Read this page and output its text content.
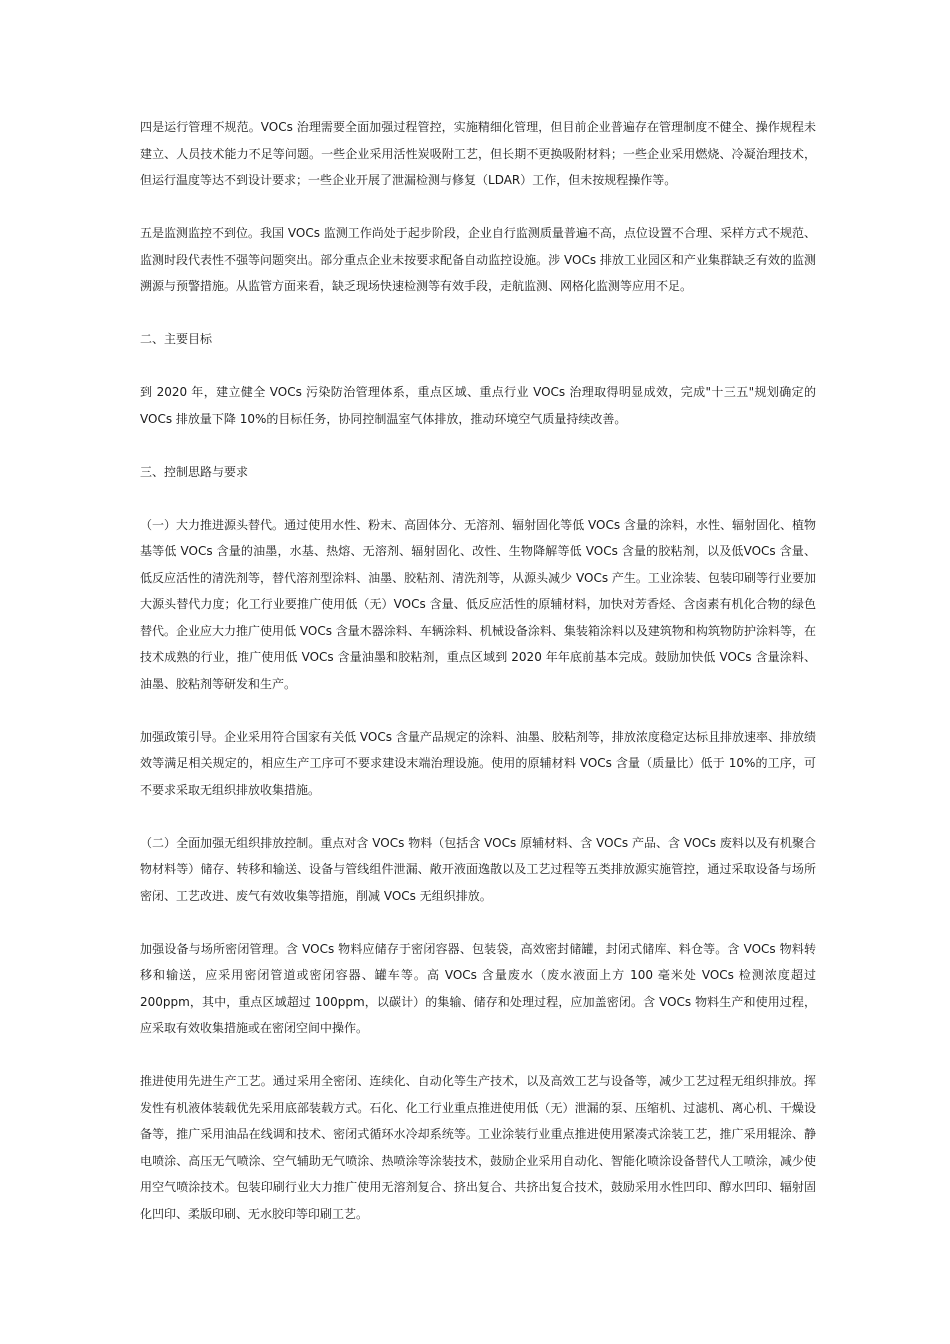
四是运行管理不规范。VOCs 治理需要全面加强过程管控，实施精细化管理，但目前企业普遍存在管理制度不健全、操作规程未建立、人员技术能力不足等问题。一些企业采用活性炭吸附工艺，但长期不更换吸附材料；一些企业采用燃烧、冷凝治理技术，但运行温度等达不到设计要求；一些企业开展了泄漏检测与修复（LDAR）工作，但未按规程操作等。

五是监测监控不到位。我国 VOCs 监测工作尚处于起步阶段，企业自行监测质量普遍不高，点位设置不合理、采样方式不规范、监测时段代表性不强等问题突出。部分重点企业未按要求配备自动监控设施。涉 VOCs 排放工业园区和产业集群缺乏有效的监测溯源与预警措施。从监管方面来看，缺乏现场快速检测等有效手段，走航监测、网格化监测等应用不足。

二、主要目标

到 2020 年，建立健全 VOCs 污染防治管理体系，重点区域、重点行业 VOCs 治理取得明显成效，完成"十三五"规划确定的VOCs 排放量下降 10%的目标任务，协同控制温室气体排放，推动环境空气质量持续改善。

三、控制思路与要求

（一）大力推进源头替代。通过使用水性、粉末、高固体分、无溶剂、辐射固化等低 VOCs 含量的涂料，水性、辐射固化、植物基等低 VOCs 含量的油墨，水基、热熔、无溶剂、辐射固化、改性、生物降解等低 VOCs 含量的胶粘剂，以及低VOCs 含量、低反应活性的清洗剂等，替代溶剂型涂料、油墨、胶粘剂、清洗剂等，从源头减少 VOCs 产生。工业涂装、包装印刷等行业要加大源头替代力度；化工行业要推广使用低（无）VOCs 含量、低反应活性的原辅材料，加快对芳香烃、含卤素有机化合物的绿色替代。企业应大力推广使用低 VOCs 含量木器涂料、车辆涂料、机械设备涂料、集装箱涂料以及建筑物和构筑物防护涂料等，在技术成熟的行业，推广使用低 VOCs 含量油墨和胶粘剂，重点区域到 2020 年年底前基本完成。鼓励加快低 VOCs 含量涂料、油墨、胶粘剂等研发和生产。

加强政策引导。企业采用符合国家有关低 VOCs 含量产品规定的涂料、油墨、胶粘剂等，排放浓度稳定达标且排放速率、排放绩效等满足相关规定的，相应生产工序可不要求建设末端治理设施。使用的原辅材料 VOCs 含量（质量比）低于 10%的工序，可不要求采取无组织排放收集措施。

（二）全面加强无组织排放控制。重点对含 VOCs 物料（包括含 VOCs 原辅材料、含 VOCs 产品、含 VOCs 废料以及有机聚合物材料等）储存、转移和输送、设备与管线组件泄漏、敞开液面逸散以及工艺过程等五类排放源实施管控，通过采取设备与场所密闭、工艺改进、废气有效收集等措施，削减 VOCs 无组织排放。

加强设备与场所密闭管理。含 VOCs 物料应储存于密闭容器、包装袋，高效密封储罐，封闭式储库、料仓等。含 VOCs 物料转移和输送，应采用密闭管道或密闭容器、罐车等。高 VOCs 含量废水（废水液面上方 100 毫米处 VOCs 检测浓度超过200ppm，其中，重点区域超过 100ppm，以碳计）的集输、储存和处理过程，应加盖密闭。含 VOCs 物料生产和使用过程，应采取有效收集措施或在密闭空间中操作。

推进使用先进生产工艺。通过采用全密闭、连续化、自动化等生产技术，以及高效工艺与设备等，减少工艺过程无组织排放。挥发性有机液体装载优先采用底部装载方式。石化、化工行业重点推进使用低（无）泄漏的泵、压缩机、过滤机、离心机、干燥设备等，推广采用油品在线调和技术、密闭式循环水冷却系统等。工业涂装行业重点推进使用紧凑式涂装工艺，推广采用辊涂、静电喷涂、高压无气喷涂、空气辅助无气喷涂、热喷涂等涂装技术，鼓励企业采用自动化、智能化喷涂设备替代人工喷涂，减少使用空气喷涂技术。包装印刷行业大力推广使用无溶剂复合、挤出复合、共挤出复合技术，鼓励采用水性凹印、醇水凹印、辐射固化凹印、柔版印刷、无水胶印等印刷工艺。
